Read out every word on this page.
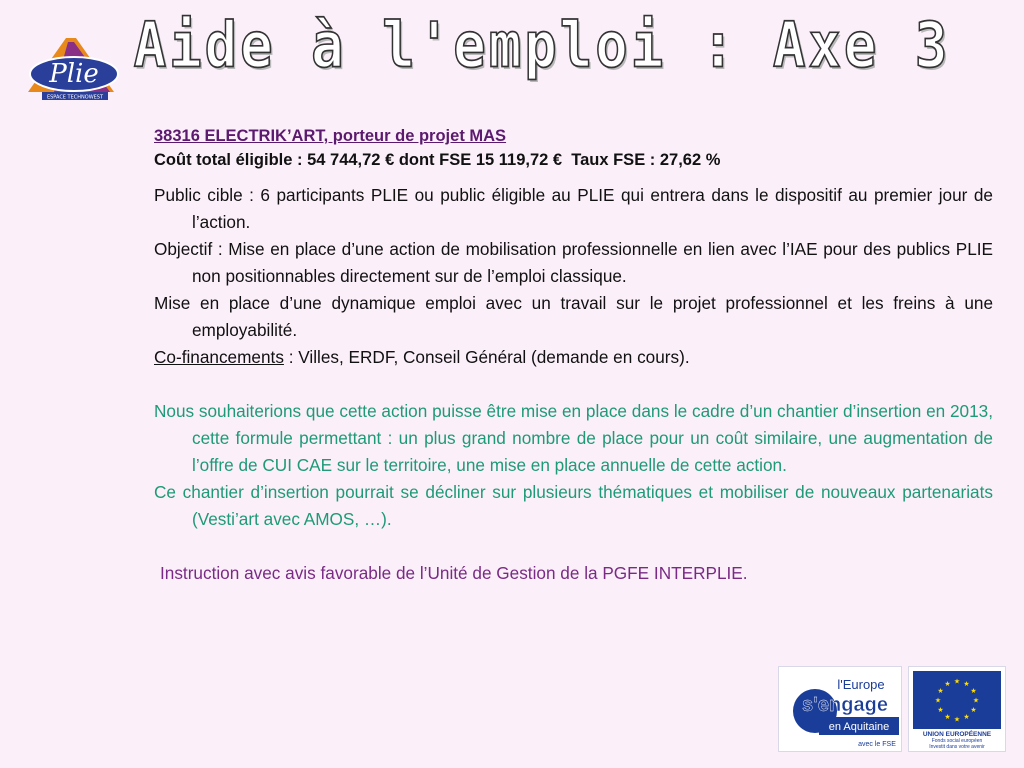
Plie
ESPACE TECHNOWEST
Aide à l'emploi : Axe 3

38316 ELECTRIK’ART, porteur de projet MAS

Coût total éligible : 54 744,72 € dont FSE 15 119,72 €  Taux FSE : 27,62 %

Public cible : 6 participants PLIE ou public éligible au PLIE qui entrera dans le dispositif au premier jour de l’action.

Objectif : Mise en place d’une action de mobilisation professionnelle en lien avec l’IAE pour des publics PLIE non positionnables directement sur de l’emploi classique.

Mise en place d’une dynamique emploi avec un travail sur le projet professionnel et les freins à une employabilité.

Co-financements : Villes, ERDF, Conseil Général (demande en cours).

Nous souhaiterions que cette action puisse être mise en place dans le cadre d’un chantier d’insertion en 2013, cette formule permettant : un plus grand nombre de place pour un coût similaire, une augmentation de l’offre de CUI CAE sur le territoire, une mise en place annuelle de cette action.

Ce chantier d’insertion pourrait se décliner sur plusieurs thématiques et mobiliser de nouveaux partenariats (Vesti’art avec AMOS, …).

Instruction avec avis favorable de l’Unité de Gestion de la PGFE INTERPLIE.

l'Europe
s'engage
en Aquitaine
avec le FSE
★ ★
★
★
★
★
★
★
★
★
★
★
UNION EUROPÉENNE
Fonds social européen
Investit dans votre avenir
